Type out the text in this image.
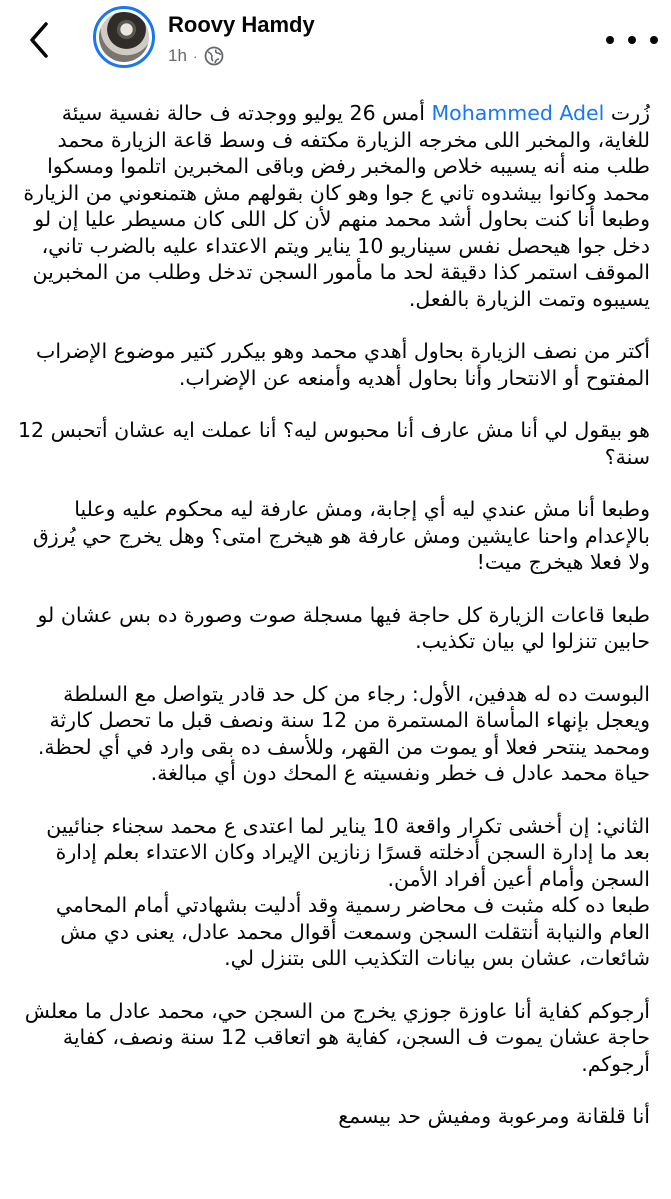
Roovy Hamdy
1h ·

زُرت Mohammed Adel أمس 26 يوليو ووجدته ف حالة نفسية سيئة للغاية، والمخبر اللى مخرجه الزيارة مكتفه ف وسط قاعة الزيارة محمد طلب منه أنه يسيبه خلاص والمخبر رفض وباقى المخبرين اتلموا ومسكوا محمد وكانوا بيشدوه تاني ع جوا وهو كان بقولهم مش هتمنعوني من الزيارة وطبعا أنا كنت بحاول أشد محمد منهم لأن كل اللى كان مسيطر عليا إن لو دخل جوا هيحصل نفس سيناريو 10 يناير ويتم الاعتداء عليه بالضرب تاني، الموقف استمر كذا دقيقة لحد ما مأمور السجن تدخل وطلب من المخبرين يسيبوه وتمت الزيارة بالفعل.

أكتر من نصف الزيارة بحاول أهدي محمد وهو بيكرر كتير موضوع الإضراب المفتوح أو الانتحار وأنا بحاول أهديه وأمنعه عن الإضراب.

هو بيقول لي أنا مش عارف أنا محبوس ليه؟ أنا عملت ايه عشان أتحبس 12 سنة؟

وطبعا أنا مش عندي ليه أي إجابة، ومش عارفة ليه محكوم عليه وعليا بالإعدام واحنا عايشين ومش عارفة هو هيخرج امتى؟ وهل يخرج حي يُرزق ولا فعلا هيخرج ميت!

طبعا قاعات الزيارة كل حاجة فيها مسجلة صوت وصورة ده بس عشان لو حابين تنزلوا لي بيان تكذيب.

البوست ده له هدفين، الأول: رجاء من كل حد قادر يتواصل مع السلطة ويعجل بإنهاء المأساة المستمرة من 12 سنة ونصف قبل ما تحصل كارثة ومحمد ينتحر فعلا أو يموت من القهر، وللأسف ده بقى وارد في أي لحظة. حياة محمد عادل ف خطر ونفسيته ع المحك دون أي مبالغة.

الثاني: إن أخشى تكرار واقعة 10 يناير لما اعتدى ع محمد سجناء جنائيين بعد ما إدارة السجن أدخلته قسرًا زنازين الإيراد وكان الاعتداء بعلم إدارة السجن وأمام أعين أفراد الأمن.

طبعا ده كله مثبت ف محاضر رسمية وقد أدليت بشهادتي أمام المحامي العام والنيابة أنتقلت السجن وسمعت أقوال محمد عادل، يعنى دي مش شائعات، عشان بس بيانات التكذيب اللى بتنزل لي.

أرجوكم كفاية أنا عاوزة جوزي يخرج من السجن حي، محمد عادل ما معلش حاجة عشان يموت ف السجن، كفاية هو اتعاقب 12 سنة ونصف، كفاية أرجوكم.

أنا قلقانة ومرعوبة ومفيش حد بيسمع
